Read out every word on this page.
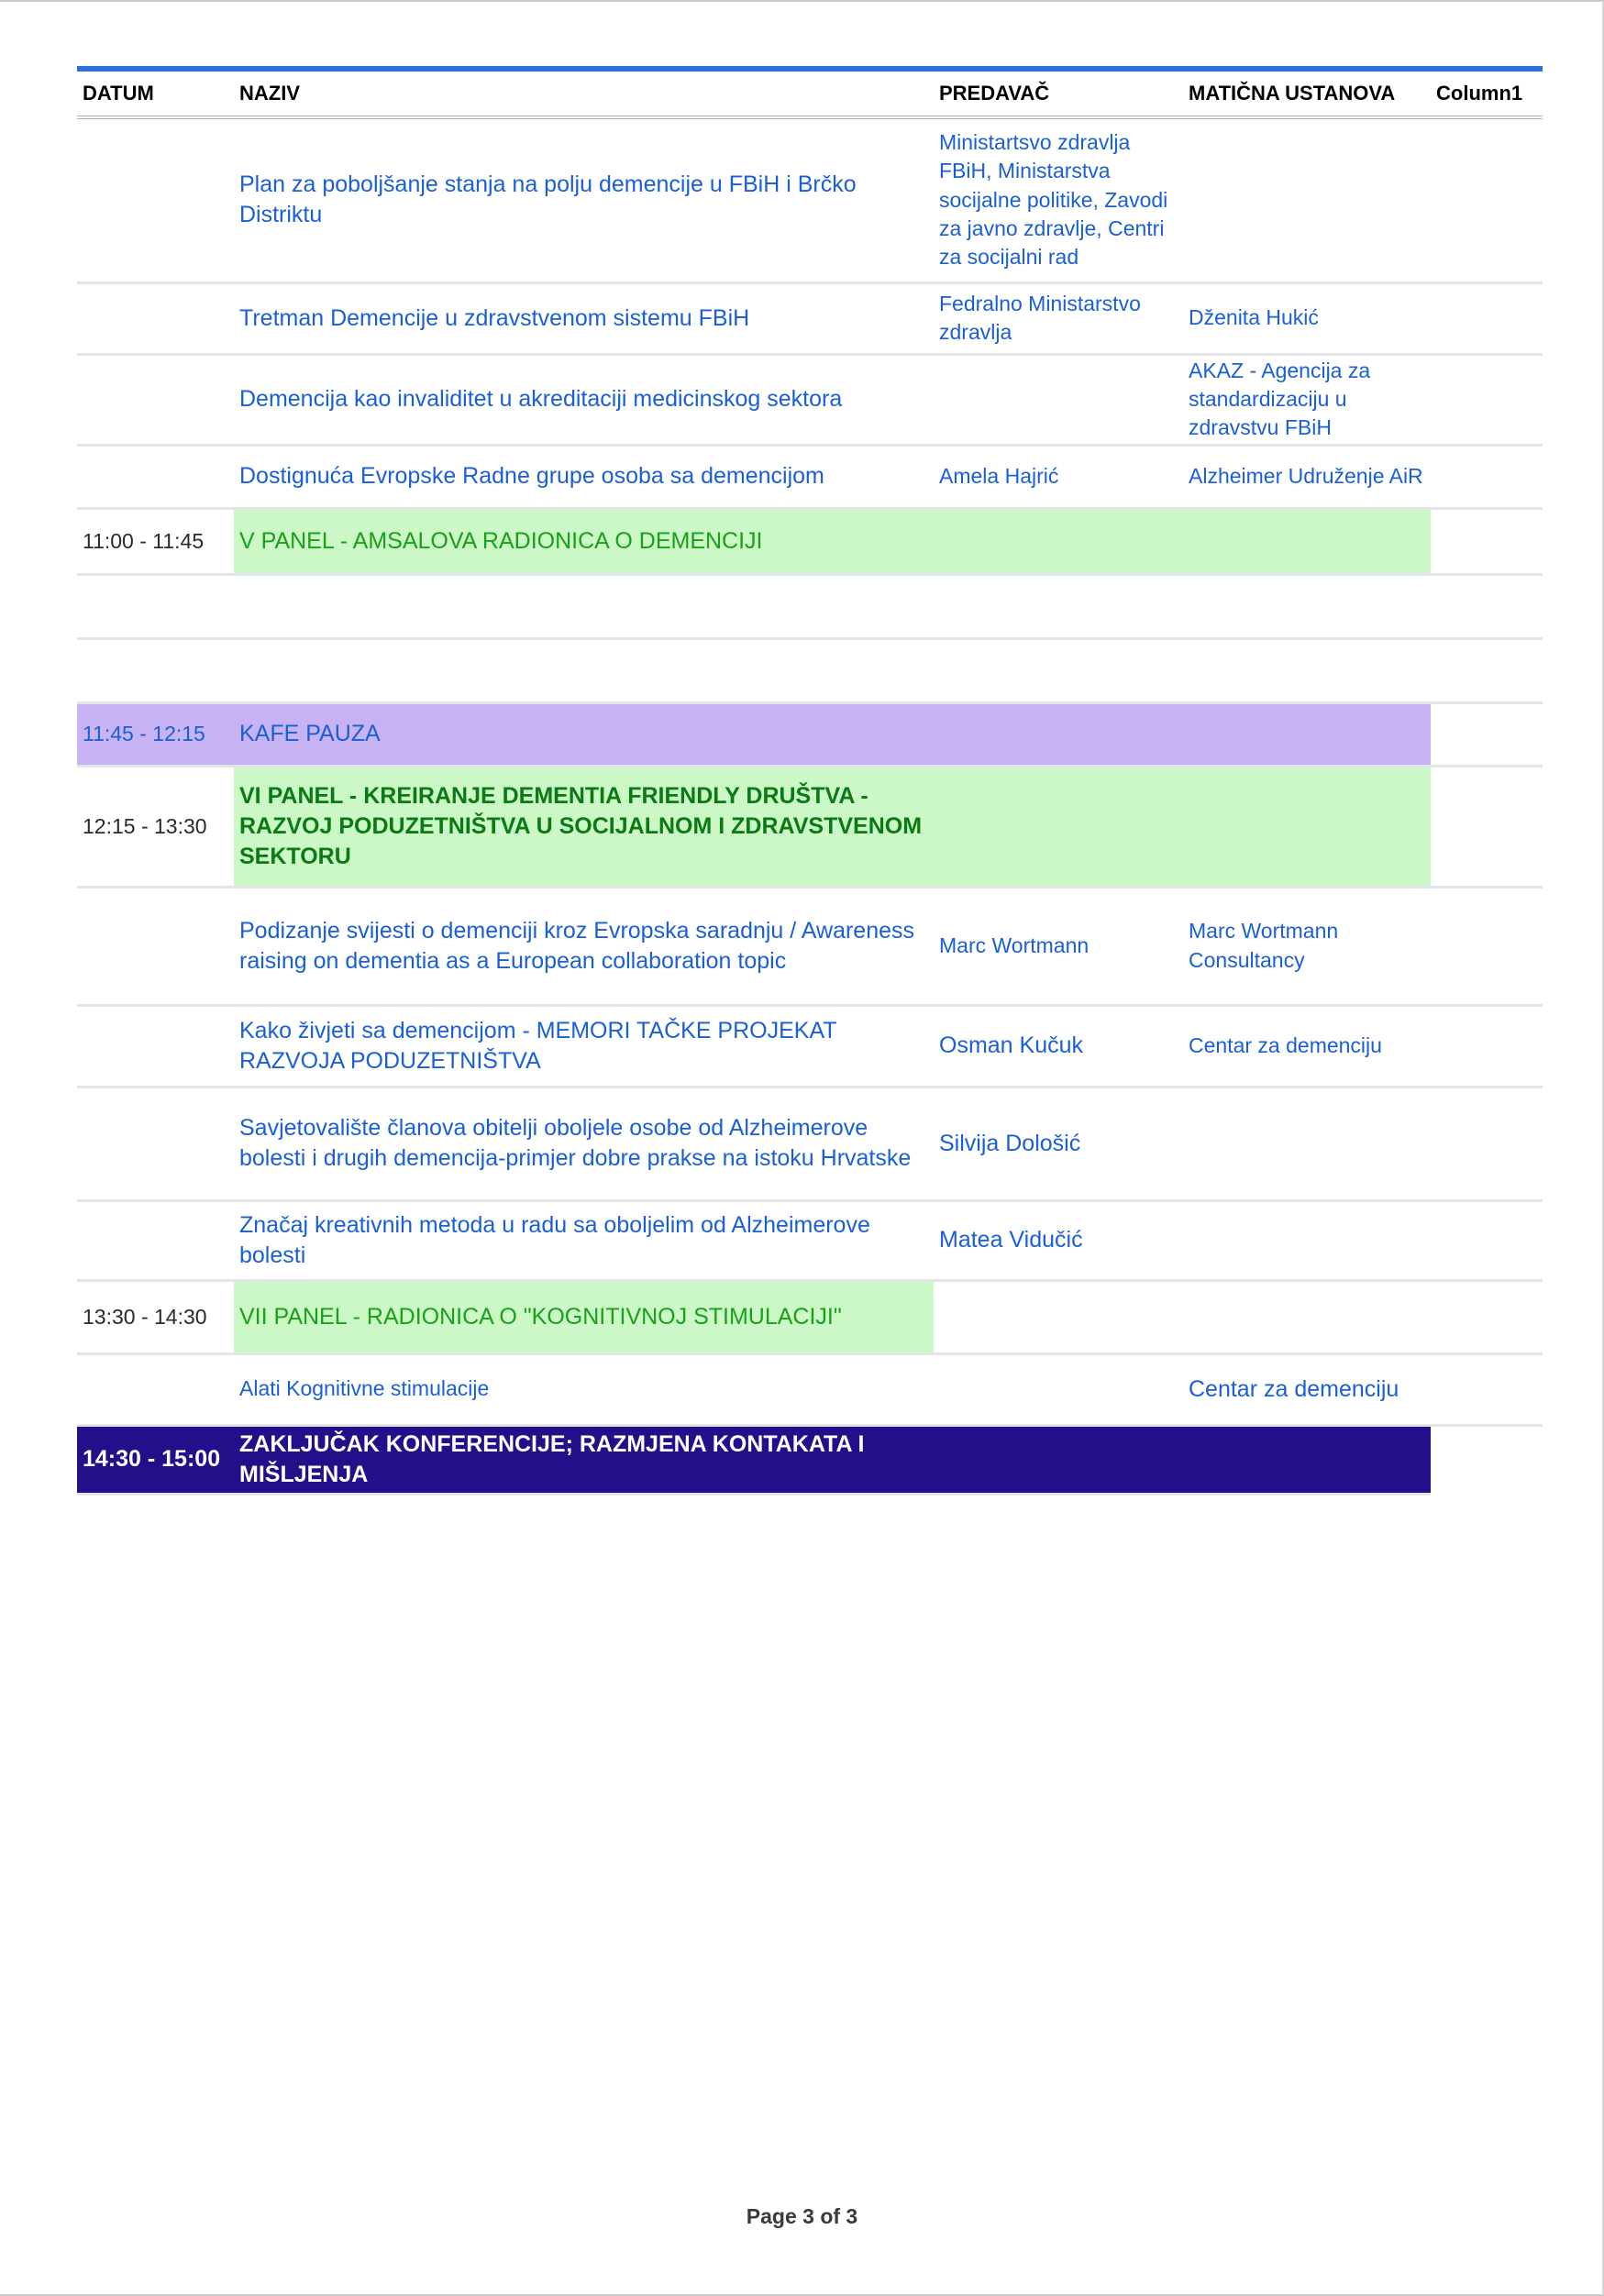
DATUM	NAZIV	PREDAVAČ	MATIČNA USTANOVA	Column1
	Plan za poboljšanje stanja na polju demencije u FBiH i Brčko Distriktu	Ministartsvo zdravlja FBiH, Ministarstva socijalne politike, Zavodi za javno zdravlje, Centri za socijalni rad		
	Tretman Demencije u zdravstvenom sistemu FBiH	Fedralno Ministarstvo zdravlja	Dženita Hukić	
	Demencija kao invaliditet u akreditaciji medicinskog sektora		AKAZ - Agencija za standardizaciju u zdravstvu FBiH	
	Dostignuća Evropske Radne grupe osoba sa demencijom	Amela Hajrić	Alzheimer Udruženje AiR	
11:00 - 11:45	V PANEL - AMSALOVA RADIONICA O DEMENCIJI			

11:45 - 12:15	KAFE PAUZA			
12:15 - 13:30	VI PANEL - KREIRANJE DEMENTIA FRIENDLY DRUŠTVA - RAZVOJ PODUZETNIŠTVA U SOCIJALNOM I ZDRAVSTVENOM SEKTORU			

	Podizanje svijesti o demenciji kroz Evropska saradnju / Awareness raising on dementia as a European collaboration topic	Marc Wortmann	Marc Wortmann Consultancy	
	Kako živjeti sa demencijom - MEMORI TAČKE PROJEKAT RAZVOJA PODUZETNIŠTVA	Osman Kučuk	Centar za demenciju	
	Savjetovalište članova obitelji oboljele osobe od Alzheimerove bolesti i drugih demencija-primjer dobre prakse na istoku Hrvatske	Silvija Dološić		
	Značaj kreativnih metoda u radu sa oboljelim od Alzheimerove bolesti	Matea Vidučić		
13:30 - 14:30	VII PANEL - RADIONICA O "KOGNITIVNOJ STIMULACIJI"			
	Alati Kognitivne stimulacije		Centar za demenciju	
14:30 - 15:00	ZAKLJUČAK KONFERENCIJE; RAZMJENA KONTAKATA I MIŠLJENJA			

Page 3 of 3
